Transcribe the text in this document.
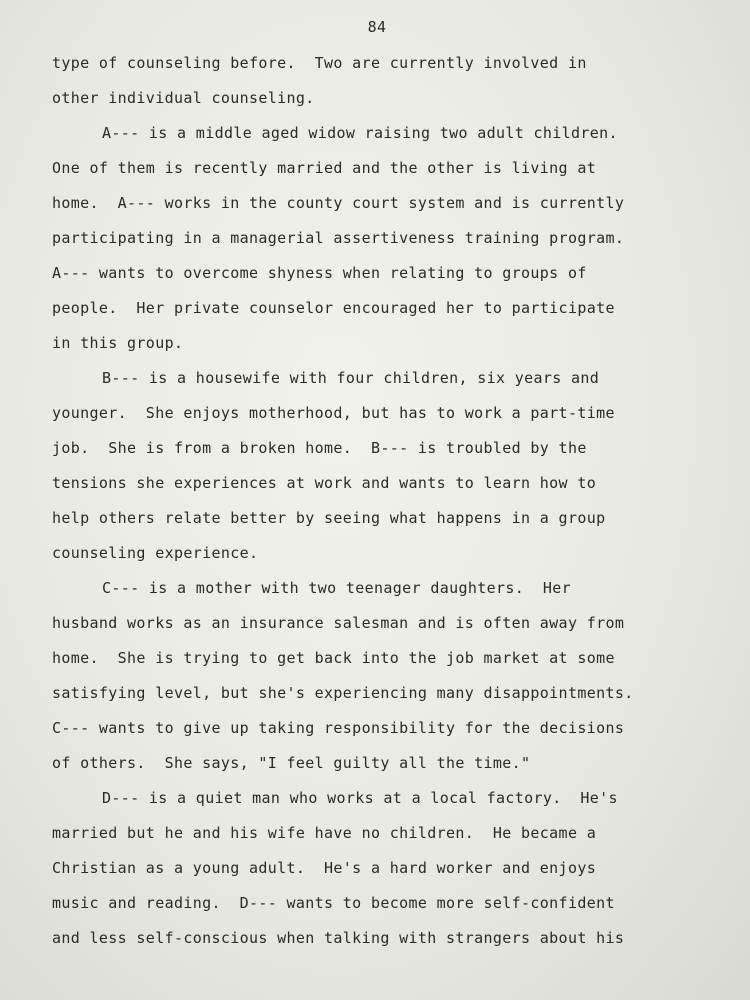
84
type of counseling before.  Two are currently involved in
other individual counseling.
A--- is a middle aged widow raising two adult children.
One of them is recently married and the other is living at
home.  A--- works in the county court system and is currently
participating in a managerial assertiveness training program.
A--- wants to overcome shyness when relating to groups of
people.  Her private counselor encouraged her to participate
in this group.
B--- is a housewife with four children, six years and
younger.  She enjoys motherhood, but has to work a part-time
job.  She is from a broken home.  B--- is troubled by the
tensions she experiences at work and wants to learn how to
help others relate better by seeing what happens in a group
counseling experience.
C--- is a mother with two teenager daughters.  Her
husband works as an insurance salesman and is often away from
home.  She is trying to get back into the job market at some
satisfying level, but she's experiencing many disappointments.
C--- wants to give up taking responsibility for the decisions
of others.  She says, "I feel guilty all the time."
D--- is a quiet man who works at a local factory.  He's
married but he and his wife have no children.  He became a
Christian as a young adult.  He's a hard worker and enjoys
music and reading.  D--- wants to become more self-confident
and less self-conscious when talking with strangers about his
